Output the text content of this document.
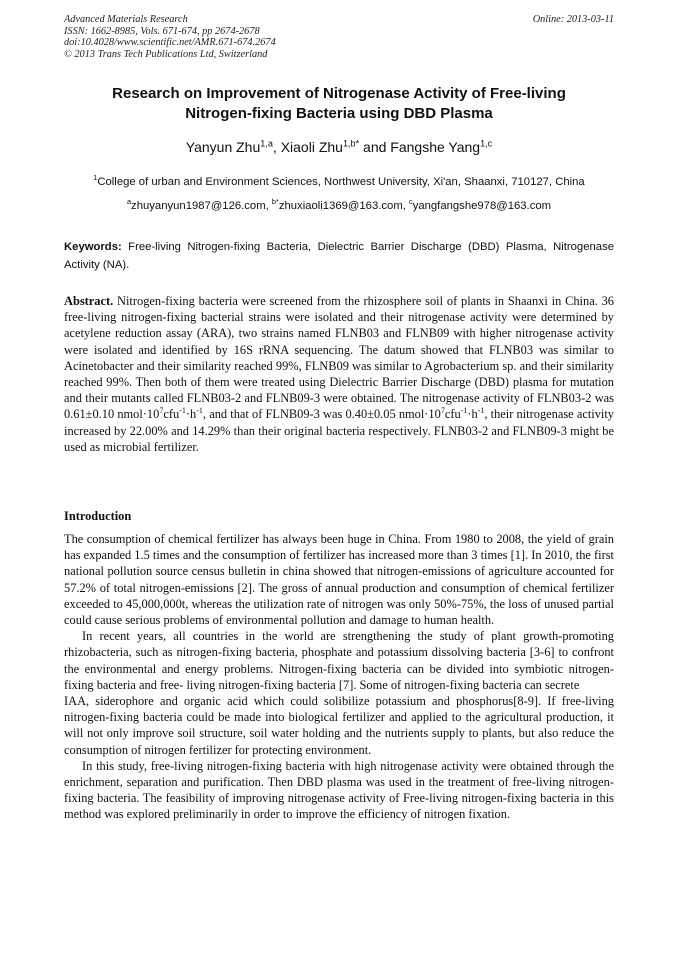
Advanced Materials Research
ISSN: 1662-8985, Vols. 671-674, pp 2674-2678
doi:10.4028/www.scientific.net/AMR.671-674.2674
© 2013 Trans Tech Publications Ltd, Switzerland
Online: 2013-03-11
Research on Improvement of Nitrogenase Activity of Free-living
Nitrogen-fixing Bacteria using DBD Plasma
Yanyun Zhu$^{1,a}$, Xiaoli Zhu$^{1,b*}$ and Fangshe Yang$^{1,c}$
$^1$College of urban and Environment Sciences, Northwest University, Xi'an, Shaanxi, 710127, China
$^a$zhuyanyun1987@126.com, $^{b*}$zhuxiaoli1369@163.com, $^c$yangfangshe978@163.com
Keywords: Free-living Nitrogen-fixing Bacteria, Dielectric Barrier Discharge (DBD) Plasma, Nitrogenase Activity (NA).
Abstract. Nitrogen-fixing bacteria were screened from the rhizosphere soil of plants in Shaanxi in China. 36 free-living nitrogen-fixing bacterial strains were isolated and their nitrogenase activity were determined by acetylene reduction assay (ARA), two strains named FLNB03 and FLNB09 with higher nitrogenase activity were isolated and identified by 16S rRNA sequencing. The datum showed that FLNB03 was similar to Acinetobacter and their similarity reached 99%, FLNB09 was similar to Agrobacterium sp. and their similarity reached 99%. Then both of them were treated using Dielectric Barrier Discharge (DBD) plasma for mutation and their mutants called FLNB03-2 and FLNB09-3 were obtained. The nitrogenase activity of FLNB03-2 was 0.61±0.10 $nmol\cdot 10^7cfu^{-1}\cdot h^{-1}$, and that of FLNB09-3 was 0.40±0.05 $nmol\cdot 10^7cfu^{-1}\cdot h^{-1}$, their nitrogenase activity increased by 22.00% and 14.29% than their original bacteria respectively. FLNB03-2 and FLNB09-3 might be used as microbial fertilizer.
Introduction

The consumption of chemical fertilizer has always been huge in China. From 1980 to 2008, the yield of grain has expanded 1.5 times and the consumption of fertilizer has increased more than 3 times [1]. In 2010, the first national pollution source census bulletin in china showed that nitrogen-emissions of agriculture accounted for 57.2% of total nitrogen-emissions [2]. The gross of annual production and consumption of chemical fertilizer exceeded to 45,000,000t, whereas the utilization rate of nitrogen was only 50%-75%, the loss of unused partial could cause serious problems of environmental pollution and damage to human health.

In recent years, all countries in the world are strengthening the study of plant growth-promoting rhizobacteria, such as nitrogen-fixing bacteria, phosphate and potassium dissolving bacteria [3-6] to confront the environmental and energy problems. Nitrogen-fixing bacteria can be divided into symbiotic nitrogen-fixing bacteria and free- living nitrogen-fixing bacteria [7]. Some of nitrogen-fixing bacteria can secrete

IAA, siderophore and organic acid which could solibilize potassium and phosphorus[8-9]. If free-living nitrogen-fixing bacteria could be made into biological fertilizer and applied to the agricultural production, it will not only improve soil structure, soil water holding and the nutrients supply to plants, but also reduce the consumption of nitrogen fertilizer for protecting environment.

In this study, free-living nitrogen-fixing bacteria with high nitrogenase activity were obtained through the enrichment, separation and purification. Then DBD plasma was used in the treatment of free-living nitrogen-fixing bacteria. The feasibility of improving nitrogenase activity of Free-living nitrogen-fixing bacteria in this method was explored preliminarily in order to improve the efficiency of nitrogen fixation.
